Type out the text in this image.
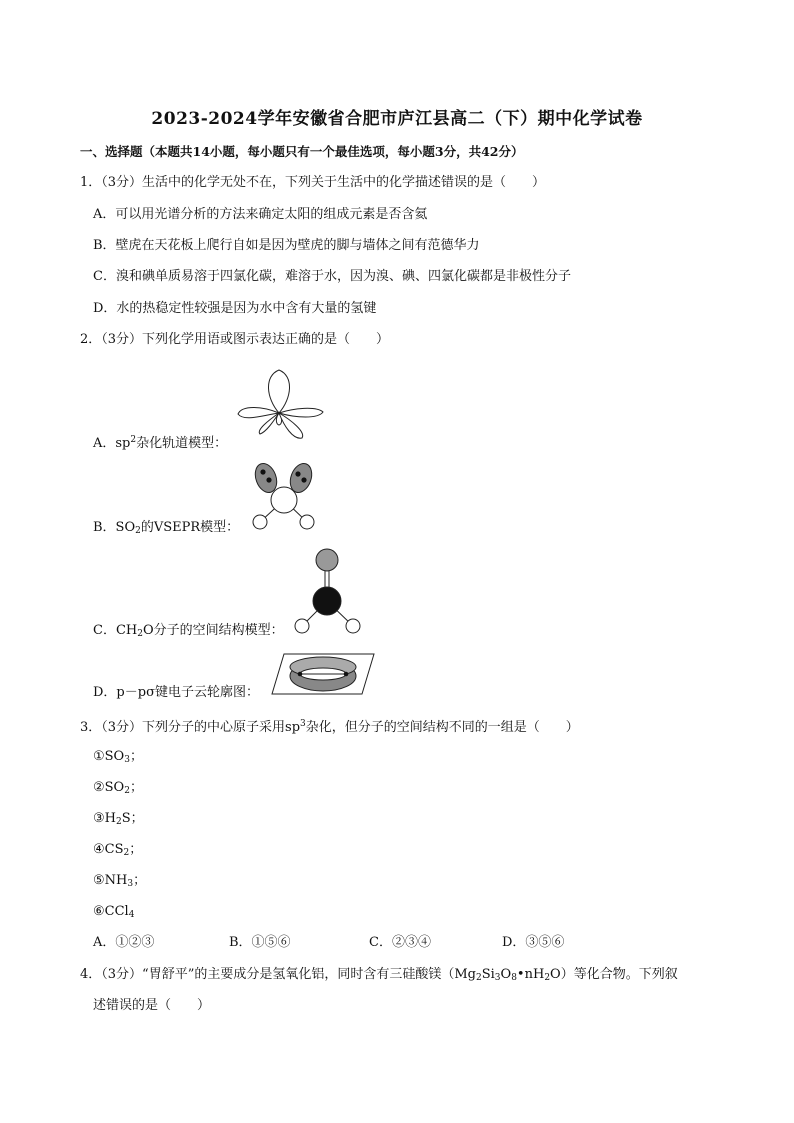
2023-2024学年安徽省合肥市庐江县高二（下）期中化学试卷
一、选择题（本题共14小题，每小题只有一个最佳选项，每小题3分，共42分）
1．（3分）生活中的化学无处不在，下列关于生活中的化学描述错误的是（　　）
A．可以用光谱分析的方法来确定太阳的组成元素是否含氦
B．壁虎在天花板上爬行自如是因为壁虎的脚与墙体之间有范德华力
C．溴和碘单质易溶于四氯化碳，难溶于水，因为溴、碘、四氯化碳都是非极性分子
D．水的热稳定性较强是因为水中含有大量的氢键
2．（3分）下列化学用语或图示表达正确的是（　　）
A．$sp^2$杂化轨道模型：
B．$SO_2$的VSEPR模型：
C．$CH_2O$分子的空间结构模型：
D．p－pσ键电子云轮廓图：
3．（3分）下列分子的中心原子采用$sp^3$杂化，但分子的空间结构不同的一组是（　　）
$①SO_3$；
$②SO_2$；
$③H_2S$；
$④CS_2$；
$⑤NH_3$；
⑥CCl$_4$
A．①②③	B．①⑤⑥	C．②③④	D．③⑤⑥
4．（3分）“胃舒平”的主要成分是氢氧化铝，同时含有三硅酸镁$(Mg_2Si_3O_8•nH_2O)$等化合物。下列叙
述错误的是（　　）
